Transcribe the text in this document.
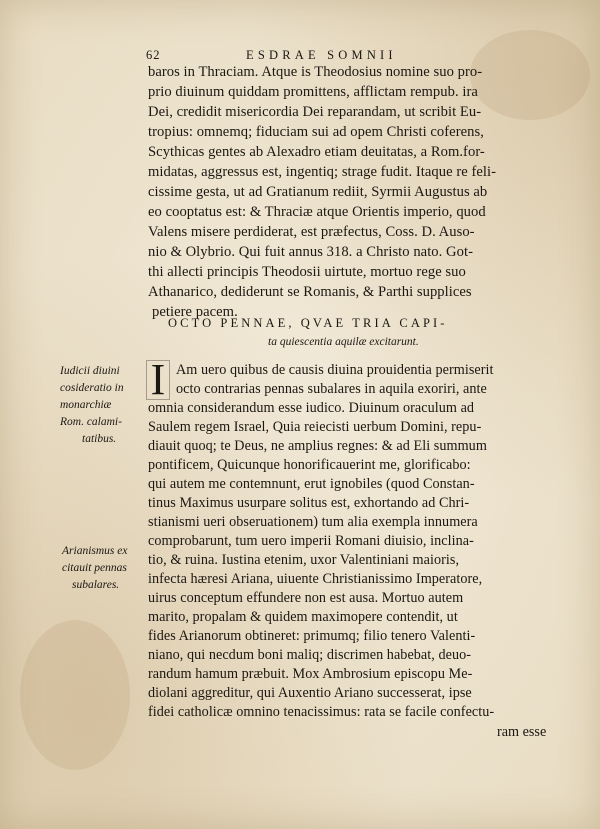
62	ESDRAE SOMNII
baros in Thraciam. Atque is Theodosius nomine suo pro-
prio diuinum quiddam promittens, afflictam rempub. ira
Dei, credidit misericordia Dei reparandam, ut scribit Eu-
tropius: omnemq; fiduciam sui ad opem Christi coferens,
Scythicas gentes ab Alexadro etiam deuitatas, a Rom.for-
midatas, aggressus est, ingentiq; strage fudit. Itaque re feli-
cissime gesta, ut ad Gratianum rediit, Syrmii Augustus ab
eo cooptatus est: & Thraciæ atque Orientis imperio, quod
Valens misere perdiderat, est præfectus, Coss. D. Auso-
nio & Olybrio. Qui fuit annus 318. a Christo nato. Got-
thi allecti principis Theodosii uirtute, mortuo rege suo
Athanarico, dediderunt se Romanis, & Parthi supplices
petiere pacem.
OCTO PENNAE, QVAE TRIA CAPI-
ta quiescentia aquilæ excitarunt.
Iudicii diuini
cosideratio in
monarchiæ
Rom. calami-
tatibus.
Arianismus ex
citauit pennas
subalares.
I Am uero quibus de causis diuina prouidentia permiserit
octo contrarias pennas subalares in aquila exoriri, ante
omnia considerandum esse iudico. Diuinum oraculum ad
Saulem regem Israel, Quia reiecisti uerbum Domini, repu-
diauit quoq; te Deus, ne amplius regnes: & ad Eli summum
pontificem, Quicunque honorificauerint me, glorificabo:
qui autem me contemnunt, erut ignobiles (quod Constan-
tinus Maximus usurpare solitus est, exhortando ad Chri-
stianismi ueri obseruationem) tum alia exempla innumera
comprobarunt, tum uero imperii Romani diuisio, inclina-
tio, & ruina. Iustina etenim, uxor Valentiniani maioris,
infecta hæresi Ariana, uiuente Christianissimo Imperatore,
uirus conceptum effundere non est ausa. Mortuo autem
marito, propalam & quidem maximopere contendit, ut
fides Arianorum obtineret: primumq; filio tenero Valenti-
niano, qui necdum boni maliq; discrimen habebat, deuo-
randum hamum præbuit. Mox Ambrosium episcopu Me-
diolani aggreditur, qui Auxentio Ariano successerat, ipse
fidei catholicæ omnino tenacissimus: rata se facile confectu-
ram esse
